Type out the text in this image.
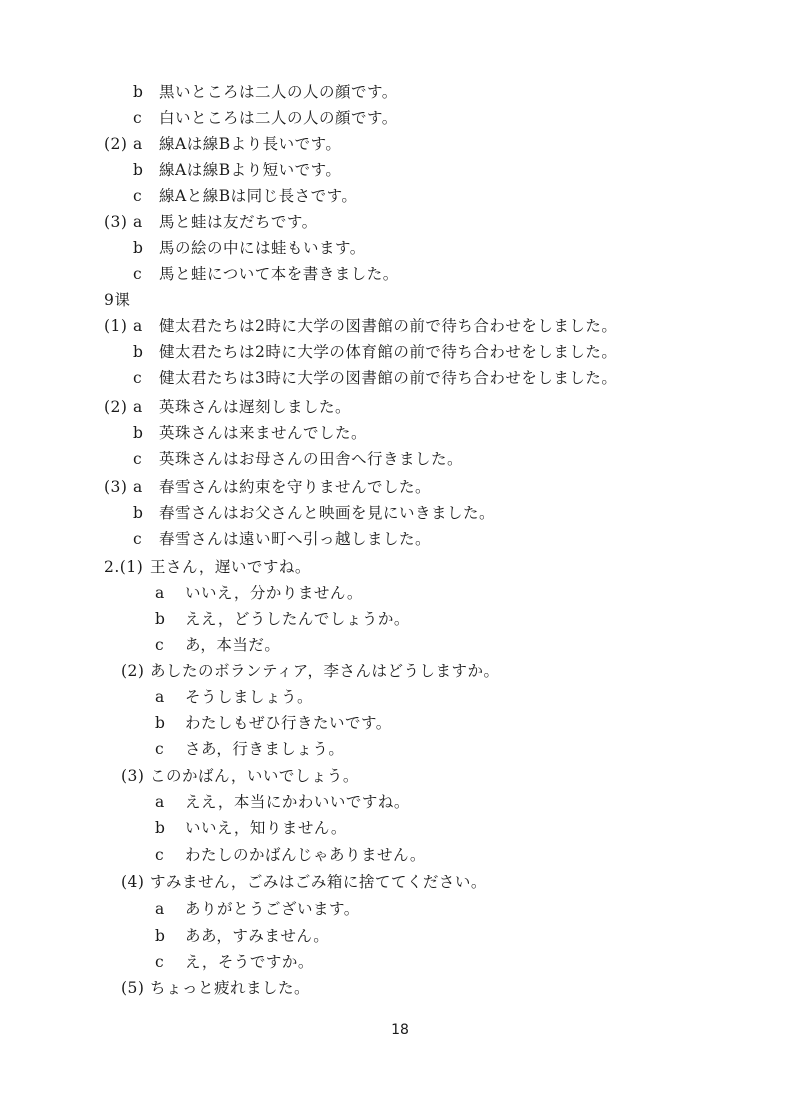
b 黒いところは二人の人の顔です。
c 白いところは二人の人の顔です。
(2) a 線Aは線Bより長いです。
b 線Aは線Bより短いです。
c 線Aと線Bは同じ長さです。
(3) a 馬と蛙は友だちです。
b 馬の絵の中には蛙もいます。
c 馬と蛙について本を書きました。
9课
(1) a 健太君たちは2時に大学の図書館の前で待ち合わせをしました。
b 健太君たちは2時に大学の体育館の前で待ち合わせをしました。
c 健太君たちは3時に大学の図書館の前で待ち合わせをしました。
(2) a 英珠さんは遅刻しました。
b 英珠さんは来ませんでした。
c 英珠さんはお母さんの田舎へ行きました。
(3) a 春雪さんは約束を守りませんでした。
b 春雪さんはお父さんと映画を見にいきました。
c 春雪さんは遠い町へ引っ越しました。
2.(1) 王さん，遅いですね。
a いいえ，分かりません。
b ええ，どうしたんでしょうか。
c あ，本当だ。
(2) あしたのボランティア，李さんはどうしますか。
a そうしましょう。
b わたしもぜひ行きたいです。
c さあ，行きましょう。
(3) このかばん，いいでしょう。
a ええ，本当にかわいいですね。
b いいえ，知りません。
c わたしのかばんじゃありません。
(4) すみません，ごみはごみ箱に捨ててください。
a ありがとうございます。
b ああ，すみません。
c え，そうですか。
(5) ちょっと疲れました。
18
